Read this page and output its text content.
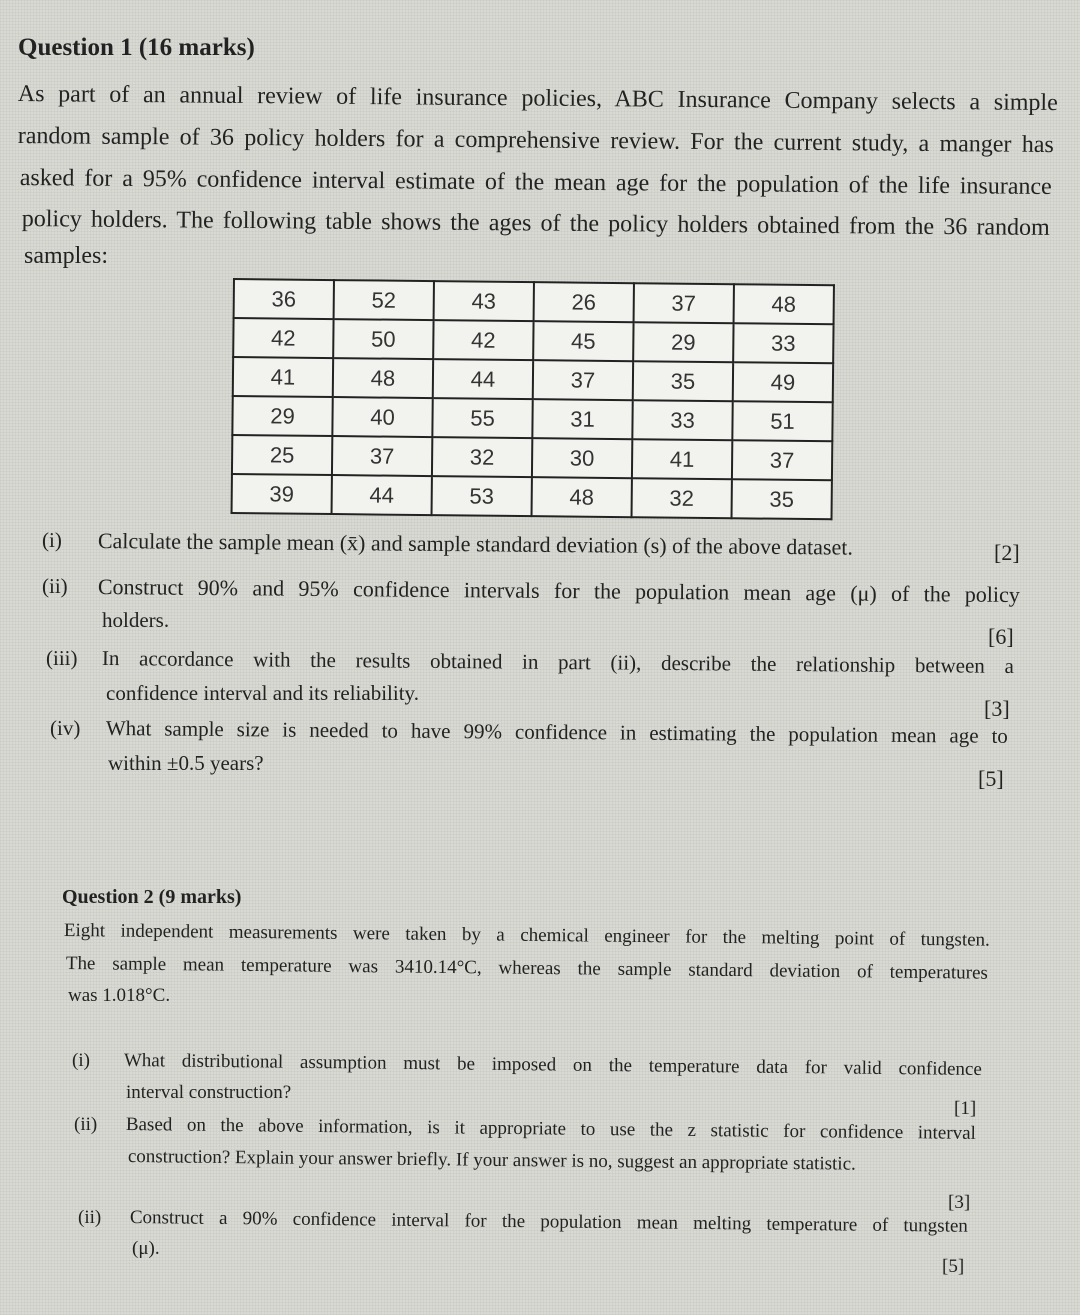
Question 1 (16 marks)
As part of an annual review of life insurance policies, ABC Insurance Company selects a simple
random sample of 36 policy holders for a comprehensive review. For the current study, a manger has
asked for a 95% confidence interval estimate of the mean age for the population of the life insurance
policy holders. The following table shows the ages of the policy holders obtained from the 36 random
samples:
36	52	43	26	37	48
42	50	42	45	29	33
41	48	44	37	35	49
29	40	55	31	33	51
25	37	32	30	41	37
39	44	53	48	32	35
(i) Calculate the sample mean (x̄) and sample standard deviation (s) of the above dataset.	[2]
(ii) Construct 90% and 95% confidence intervals for the population mean age (μ) of the policy
holders.
[6]
(iii) In accordance with the results obtained in part (ii), describe the relationship between a
confidence interval and its reliability.
[3]
(iv) What sample size is needed to have 99% confidence in estimating the population mean age to
within ±0.5 years?
[5]
Question 2 (9 marks)
Eight independent measurements were taken by a chemical engineer for the melting point of tungsten.
The sample mean temperature was 3410.14°C, whereas the sample standard deviation of temperatures
was 1.018°C.
(i) What distributional assumption must be imposed on the temperature data for valid confidence
interval construction?
[1]
(ii) Based on the above information, is it appropriate to use the z statistic for confidence interval
construction? Explain your answer briefly. If your answer is no, suggest an appropriate statistic.
[3]
(ii) Construct a 90% confidence interval for the population mean melting temperature of tungsten
(μ).
[5]
